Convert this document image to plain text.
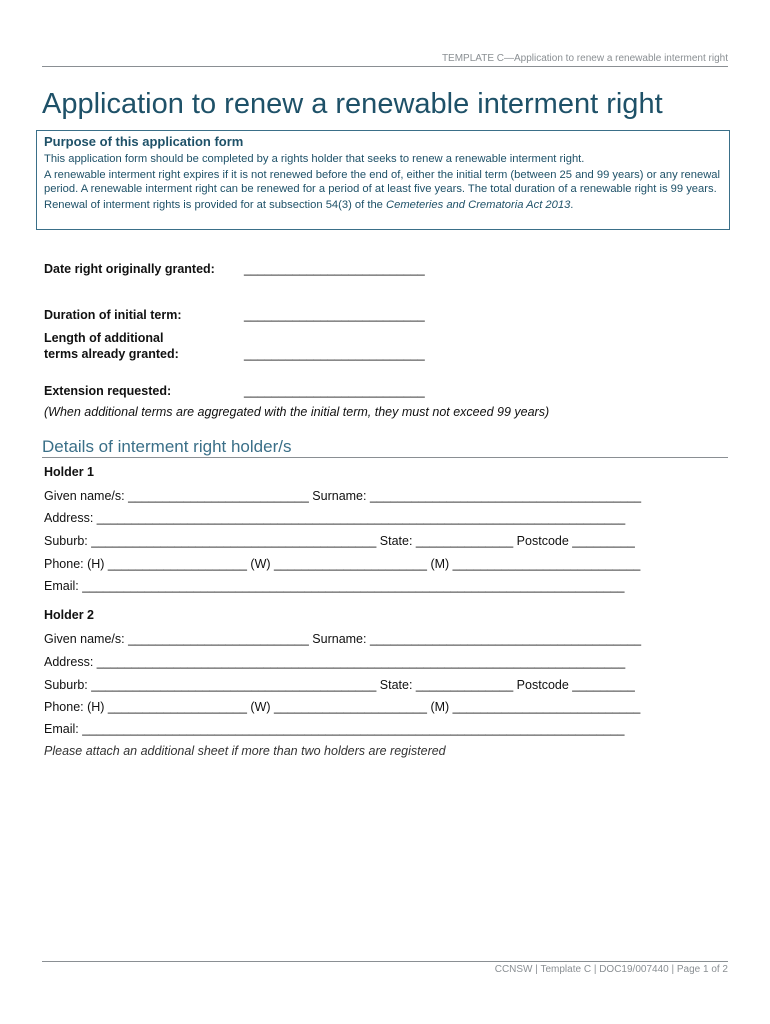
TEMPLATE C—Application to renew a renewable interment right
Application to renew a renewable interment right
Purpose of this application form

This application form should be completed by a rights holder that seeks to renew a renewable interment right.

A renewable interment right expires if it is not renewed before the end of, either the initial term (between 25 and 99 years) or any renewal period. A renewable interment right can be renewed for a period of at least five years. The total duration of a renewable right is 99 years.

Renewal of interment rights is provided for at subsection 54(3) of the Cemeteries and Crematoria Act 2013.

Date right originally granted: __________________________
Duration of initial term:	__________________________
Length of additional
terms already granted:	__________________________
Extension requested:	__________________________
(When additional terms are aggregated with the initial term, they must not exceed 99 years)
Details of interment right holder/s
Holder 1
Given name/s: __________________________ Surname: _______________________________________
Address: ____________________________________________________________________________
Suburb: _________________________________________ State: ______________ Postcode _________
Phone: (H) ____________________ (W) ______________________ (M) ___________________________
Email: ______________________________________________________________________________
Holder 2
Given name/s: __________________________ Surname: _______________________________________
Address: ____________________________________________________________________________
Suburb: _________________________________________ State: ______________ Postcode _________
Phone: (H) ____________________ (W) ______________________ (M) ___________________________
Email: ______________________________________________________________________________
Please attach an additional sheet if more than two holders are registered
CCNSW | Template C | DOC19/007440 | Page 1 of 2
